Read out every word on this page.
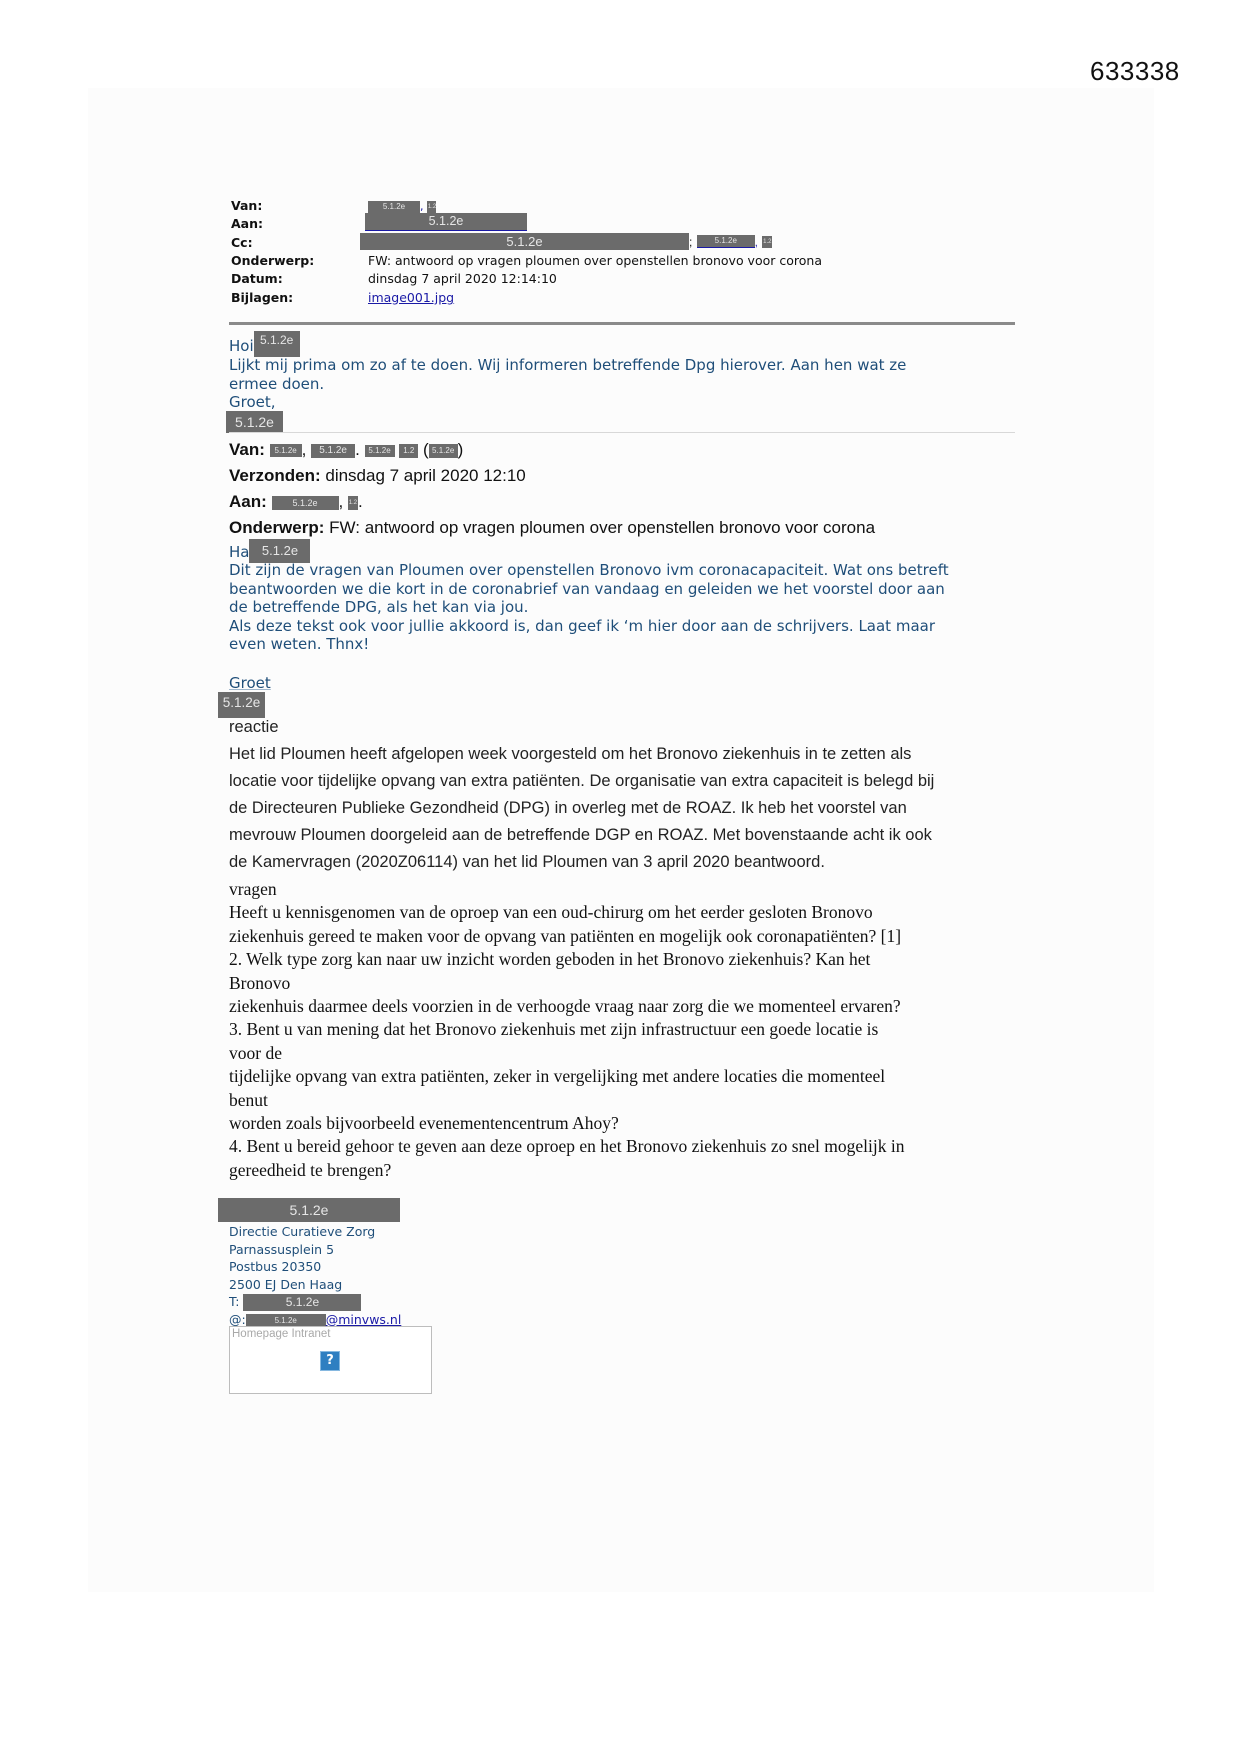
633338
Van:	5.1.2e , 1.2
Aan:	5.1.2e
Cc:	5.1.2e	;	5.1.2e , 1.2
Onderwerp:	FW: antwoord op vragen ploumen over openstellen bronovo voor corona
Datum:	dinsdag 7 april 2020 12:14:10
Bijlagen:	image001.jpg
Hoi 5.1.2e
Lijkt mij prima om zo af te doen. Wij informeren betreffende Dpg hierover. Aan hen wat ze
ermee doen.
Groet,
5.1.2e
Van: 5.1.2e , 5.1.2e . 5.1.2e 1.2 ( 5.1.2e )
Verzonden: dinsdag 7 april 2020 12:10
Aan:	5.1.2e , 1.2.
Onderwerp: FW: antwoord op vragen ploumen over openstellen bronovo voor corona
Ha 5.1.2e
Dit zijn de vragen van Ploumen over openstellen Bronovo ivm coronacapaciteit. Wat ons betreft
beantwoorden we die kort in de coronabrief van vandaag en geleiden we het voorstel door aan
de betreffende DPG, als het kan via jou.
Als deze tekst ook voor jullie akkoord is, dan geef ik ‘m hier door aan de schrijvers. Laat maar
even weten. Thnx!
Groet
5.1.2e
reactie
Het lid Ploumen heeft afgelopen week voorgesteld om het Bronovo ziekenhuis in te zetten als
locatie voor tijdelijke opvang van extra patiënten. De organisatie van extra capaciteit is belegd bij
de Directeuren Publieke Gezondheid (DPG) in overleg met de ROAZ. Ik heb het voorstel van
mevrouw Ploumen doorgeleid aan de betreffende DGP en ROAZ. Met bovenstaande acht ik ook
de Kamervragen (2020Z06114) van het lid Ploumen van 3 april 2020 beantwoord.
vragen
Heeft u kennisgenomen van de oproep van een oud-chirurg om het eerder gesloten Bronovo
ziekenhuis gereed te maken voor de opvang van patiënten en mogelijk ook coronapatiënten? [1]
2. Welk type zorg kan naar uw inzicht worden geboden in het Bronovo ziekenhuis? Kan het
Bronovo
ziekenhuis daarmee deels voorzien in de verhoogde vraag naar zorg die we momenteel ervaren?
3. Bent u van mening dat het Bronovo ziekenhuis met zijn infrastructuur een goede locatie is
voor de
tijdelijke opvang van extra patiënten, zeker in vergelijking met andere locaties die momenteel
benut
worden zoals bijvoorbeeld evenementencentrum Ahoy?
4. Bent u bereid gehoor te geven aan deze oproep en het Bronovo ziekenhuis zo snel mogelijk in
gereedheid te brengen?
5.1.2e
Directie Curatieve Zorg
Parnassusplein 5
Postbus 20350
2500 EJ Den Haag
T:	5.1.2e
@:	5.1.2e @minvws.nl
Homepage Intranet
?
